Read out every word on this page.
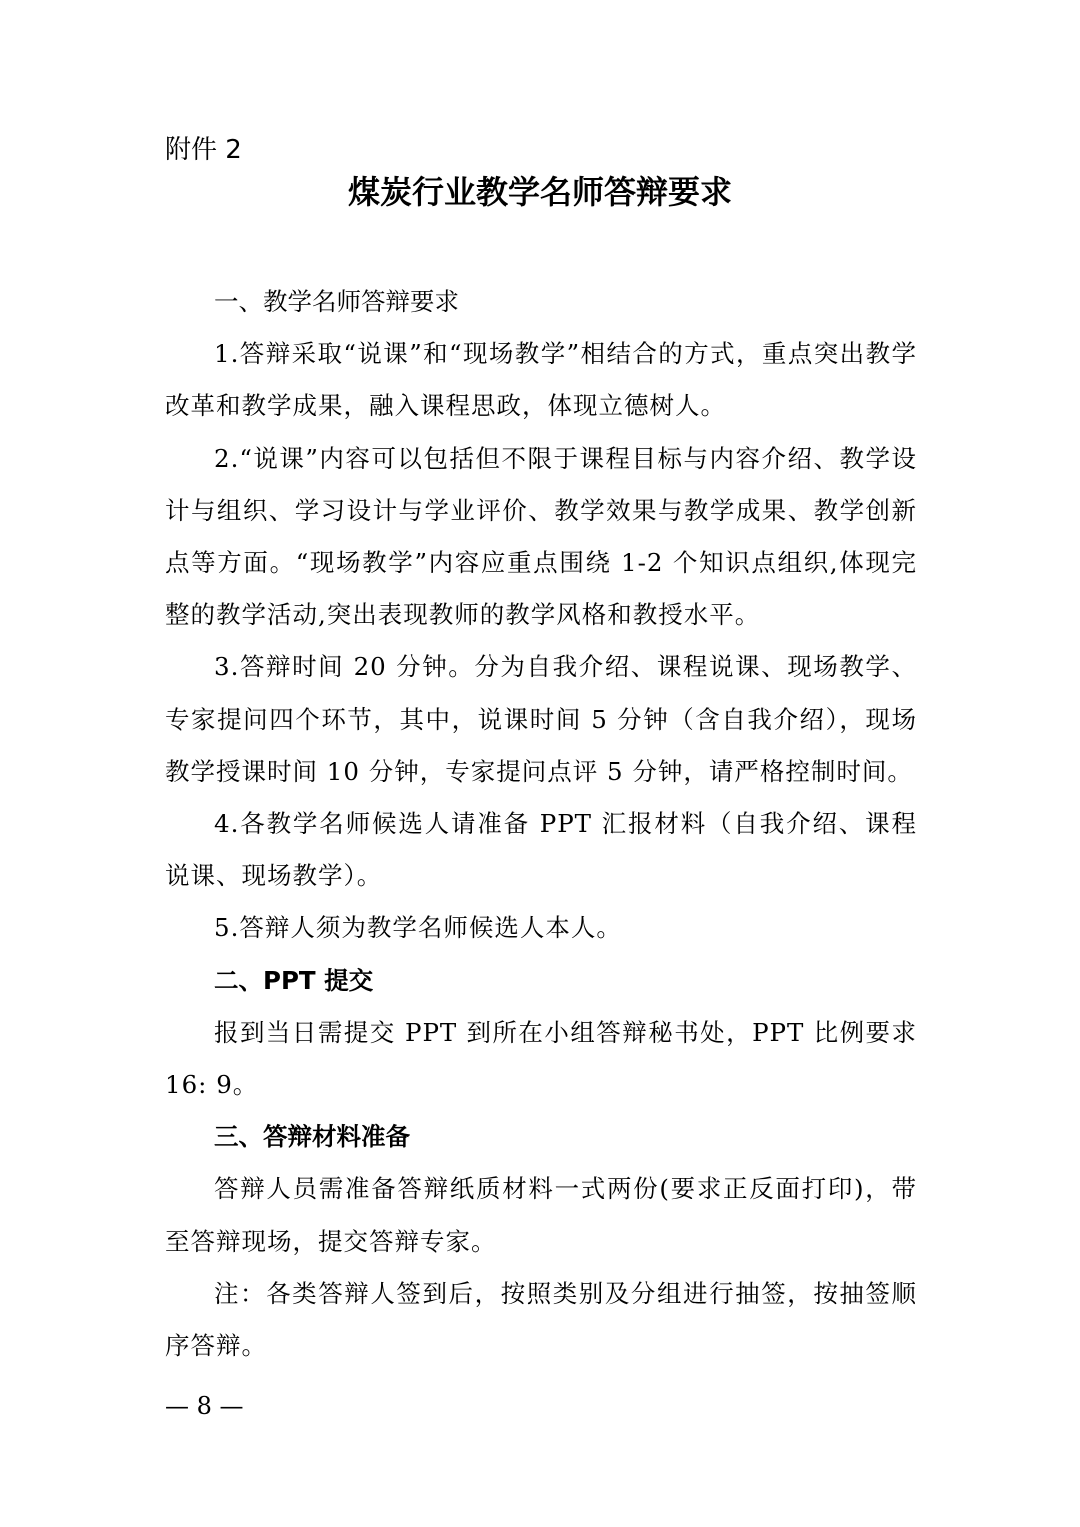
附件 2
煤炭行业教学名师答辩要求
一、教学名师答辩要求

1.答辩采取“说课”和“现场教学”相结合的方式，重点突出教学改革和教学成果，融入课程思政，体现立德树人。

2.“说课”内容可以包括但不限于课程目标与内容介绍、教学设计与组织、学习设计与学业评价、教学效果与教学成果、教学创新点等方面。“现场教学”内容应重点围绕 1-2 个知识点组织,体现完整的教学活动,突出表现教师的教学风格和教授水平。

3.答辩时间 20 分钟。分为自我介绍、课程说课、现场教学、专家提问四个环节，其中，说课时间 5 分钟（含自我介绍），现场教学授课时间 10 分钟，专家提问点评 5 分钟，请严格控制时间。

4.各教学名师候选人请准备 PPT 汇报材料（自我介绍、课程说课、现场教学）。

5.答辩人须为教学名师候选人本人。

二、PPT 提交

报到当日需提交 PPT 到所在小组答辩秘书处，PPT 比例要求 16: 9。

三、答辩材料准备

答辩人员需准备答辩纸质材料一式两份(要求正反面打印)，带至答辩现场，提交答辩专家。

注：各类答辩人签到后，按照类别及分组进行抽签，按抽签顺序答辩。

— 8 —
